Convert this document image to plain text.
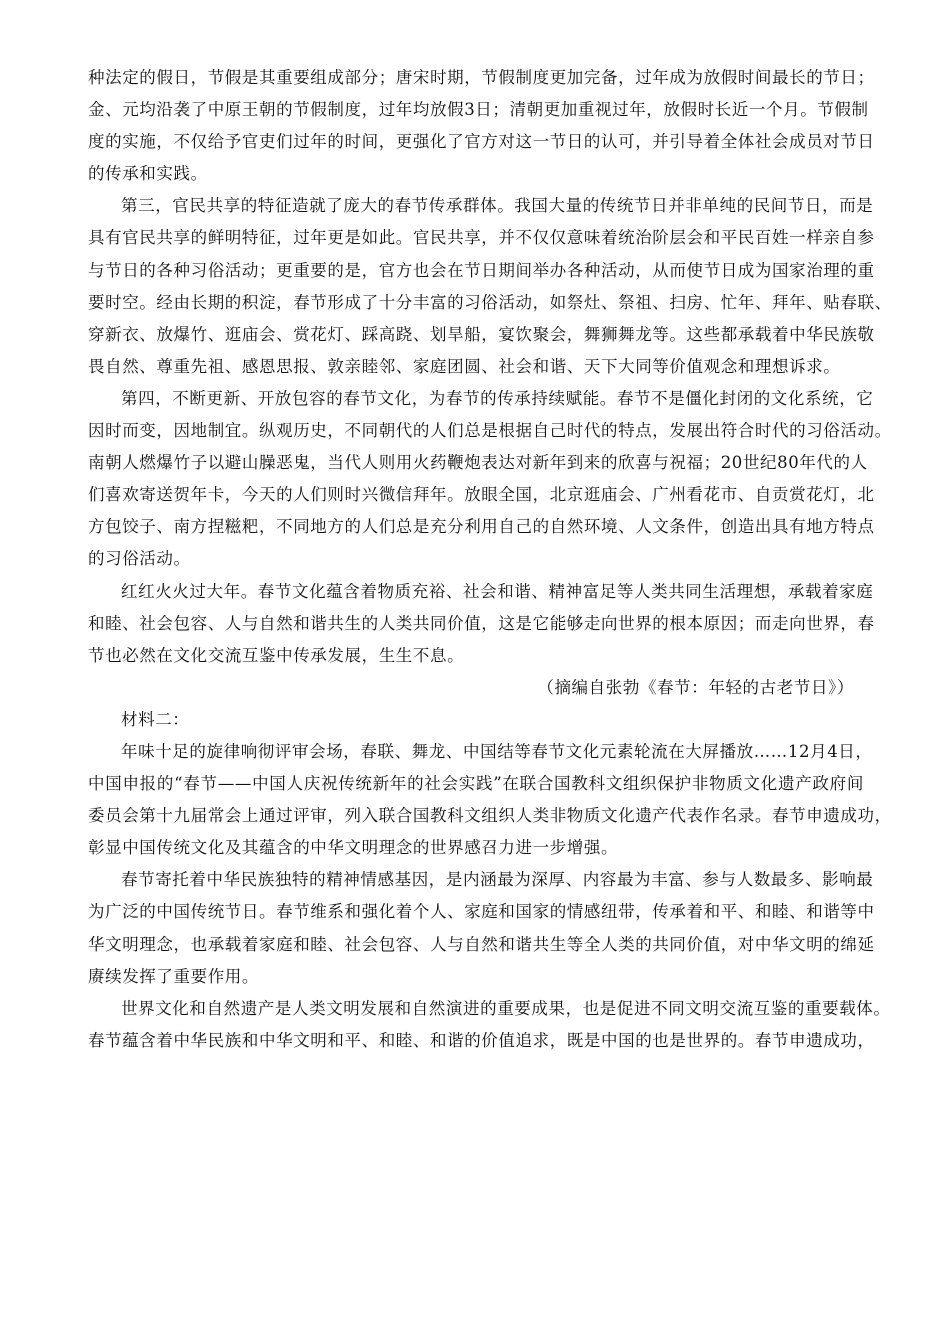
种法定的假日，节假是其重要组成部分；唐宋时期，节假制度更加完备，过年成为放假时间最长的节日；
金、元均沿袭了中原王朝的节假制度，过年均放假3日；清朝更加重视过年，放假时长近一个月。节假制
度的实施，不仅给予官吏们过年的时间，更强化了官方对这一节日的认可，并引导着全体社会成员对节日
的传承和实践。
第三，官民共享的特征造就了庞大的春节传承群体。我国大量的传统节日并非单纯的民间节日，而是
具有官民共享的鲜明特征，过年更是如此。官民共享，并不仅仅意味着统治阶层会和平民百姓一样亲自参
与节日的各种习俗活动；更重要的是，官方也会在节日期间举办各种活动，从而使节日成为国家治理的重
要时空。经由长期的积淀，春节形成了十分丰富的习俗活动，如祭灶、祭祖、扫房、忙年、拜年、贴春联、
穿新衣、放爆竹、逛庙会、赏花灯、踩高跷、划旱船，宴饮聚会，舞狮舞龙等。这些都承载着中华民族敬
畏自然、尊重先祖、感恩思报、敦亲睦邻、家庭团圆、社会和谐、天下大同等价值观念和理想诉求。
第四，不断更新、开放包容的春节文化，为春节的传承持续赋能。春节不是僵化封闭的文化系统，它
因时而变，因地制宜。纵观历史，不同朝代的人们总是根据自己时代的特点，发展出符合时代的习俗活动。
南朝人燃爆竹子以避山臊恶鬼，当代人则用火药鞭炮表达对新年到来的欣喜与祝福；20世纪80年代的人
们喜欢寄送贺年卡，今天的人们则时兴微信拜年。放眼全国，北京逛庙会、广州看花市、自贡赏花灯，北
方包饺子、南方捏糍粑，不同地方的人们总是充分利用自己的自然环境、人文条件，创造出具有地方特点
的习俗活动。
红红火火过大年。春节文化蕴含着物质充裕、社会和谐、精神富足等人类共同生活理想，承载着家庭
和睦、社会包容、人与自然和谐共生的人类共同价值，这是它能够走向世界的根本原因；而走向世界，春
节也必然在文化交流互鉴中传承发展，生生不息。
（摘编自张勃《春节：年轻的古老节日》）
材料二：
年味十足的旋律响彻评审会场，春联、舞龙、中国结等春节文化元素轮流在大屏播放……12月4日，
中国申报的“春节——中国人庆祝传统新年的社会实践”在联合国教科文组织保护非物质文化遗产政府间
委员会第十九届常会上通过评审，列入联合国教科文组织人类非物质文化遗产代表作名录。春节申遗成功，
彰显中国传统文化及其蕴含的中华文明理念的世界感召力进一步增强。
春节寄托着中华民族独特的精神情感基因，是内涵最为深厚、内容最为丰富、参与人数最多、影响最
为广泛的中国传统节日。春节维系和强化着个人、家庭和国家的情感纽带，传承着和平、和睦、和谐等中
华文明理念，也承载着家庭和睦、社会包容、人与自然和谐共生等全人类的共同价值，对中华文明的绵延
赓续发挥了重要作用。
世界文化和自然遗产是人类文明发展和自然演进的重要成果，也是促进不同文明交流互鉴的重要载体。
春节蕴含着中华民族和中华文明和平、和睦、和谐的价值追求，既是中国的也是世界的。春节申遗成功，
